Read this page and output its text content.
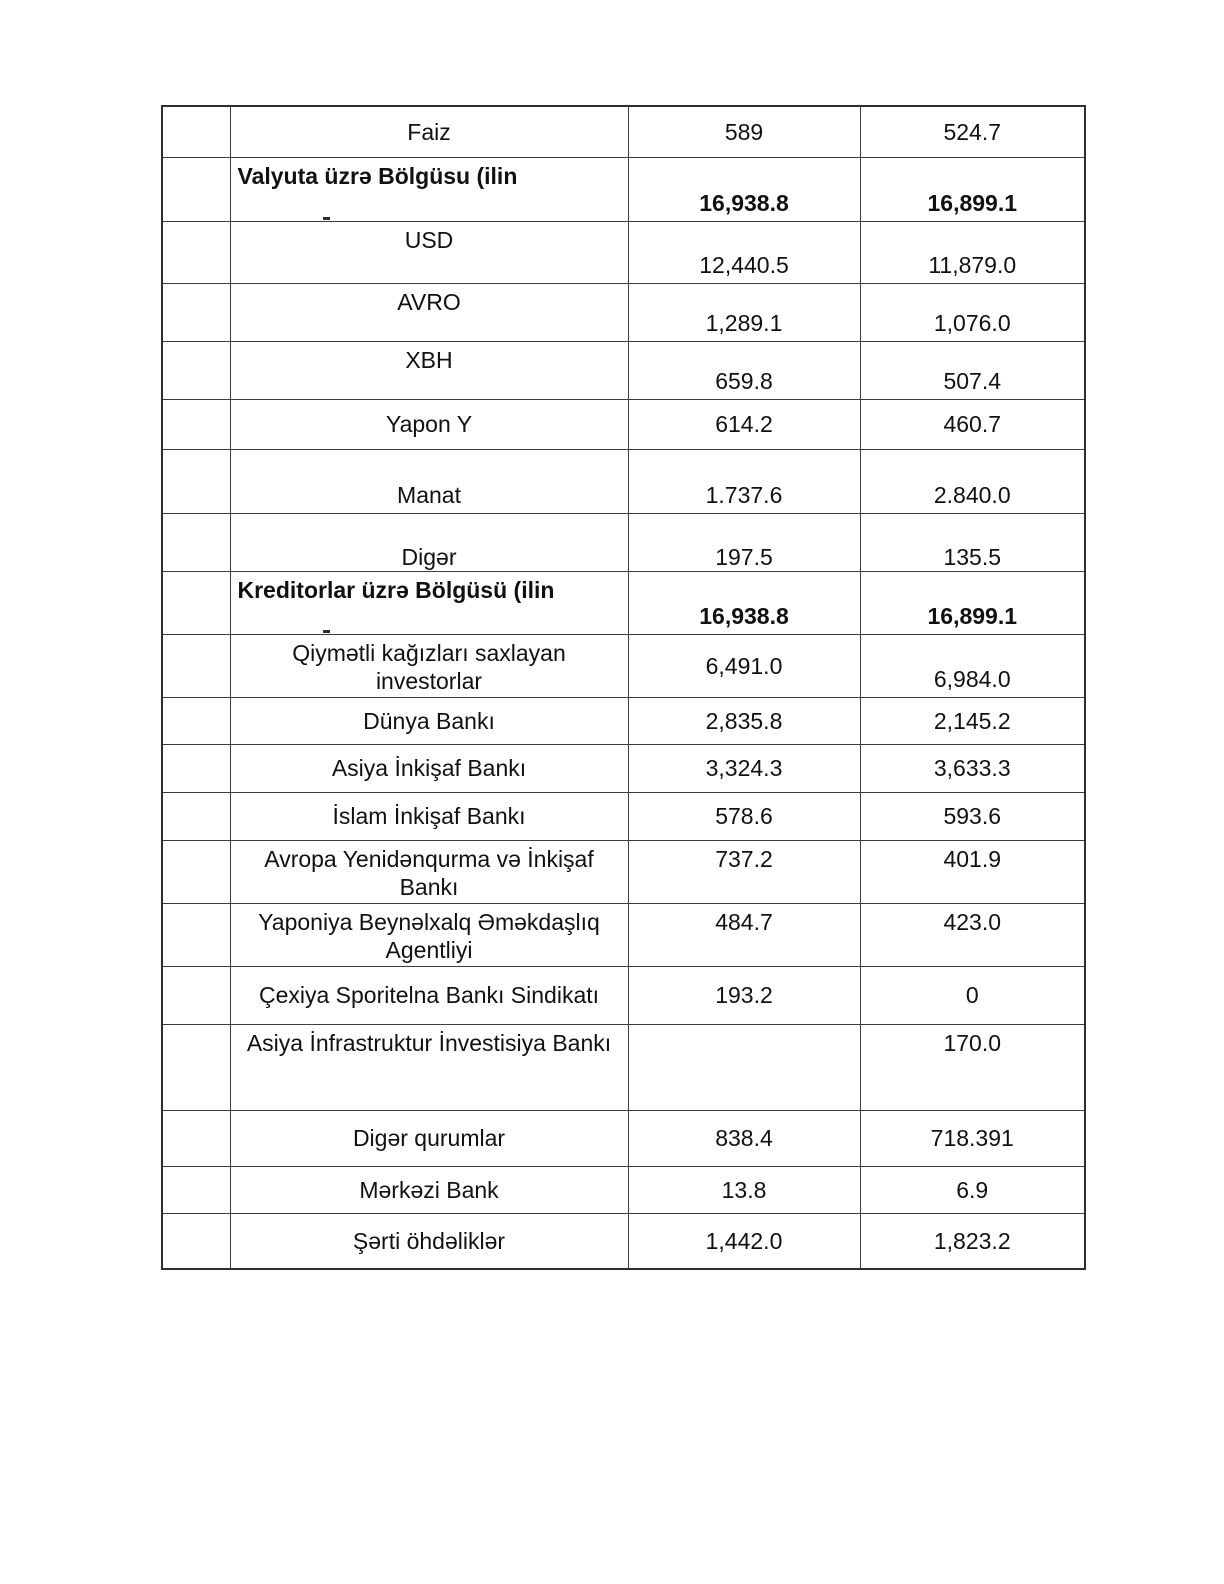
	Faiz	589	524.7
	Valyuta üzrə Bölgüsu (ilin	16,938.8	16,899.1
	USD	12,440.5	11,879.0
	AVRO	1,289.1	1,076.0
	XBH	659.8	507.4
	Yapon Y	614.2	460.7
	Manat	1.737.6	2.840.0
	Digər	197.5	135.5
	Kreditorlar üzrə Bölgüsü (ilin	16,938.8	16,899.1
	Qiymətli kağızları saxlayan investorlar	6,491.0	6,984.0
	Dünya Bankı	2,835.8	2,145.2
	Asiya İnkişaf Bankı	3,324.3	3,633.3
	İslam İnkişaf Bankı	578.6	593.6
	Avropa Yenidənqurma və İnkişaf Bankı	737.2	401.9
	Yaponiya Beynəlxalq Əməkdaşlıq Agentliyi	484.7	423.0
	Çexiya Sporitelna Bankı Sindikatı	193.2	0
	Asiya İnfrastruktur İnvestisiya Bankı		170.0
	Digər qurumlar	838.4	718.391
	Mərkəzi Bank	13.8	6.9
	Şərti öhdəliklər	1,442.0	1,823.2
